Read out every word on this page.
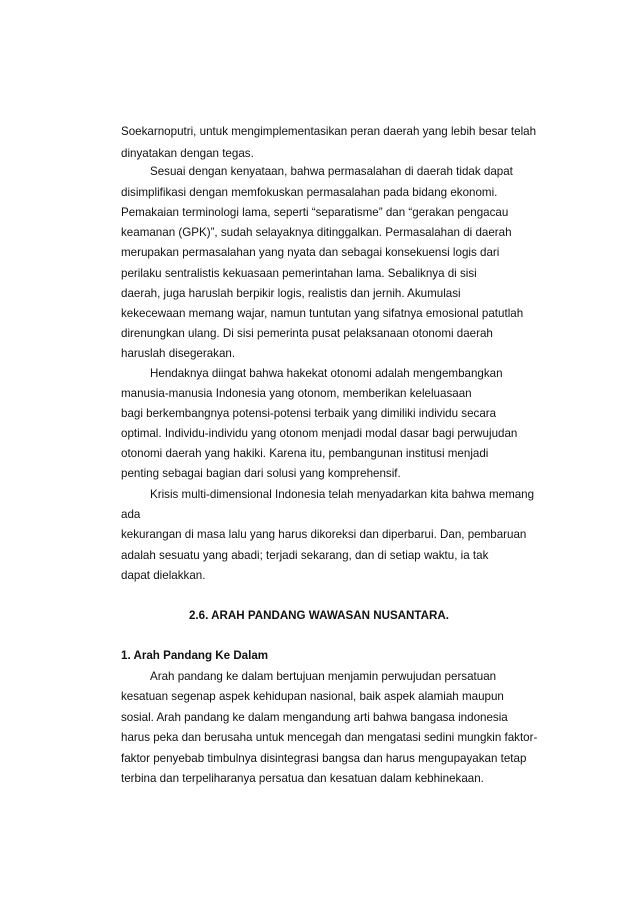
Soekarnoputri, untuk mengimplementasikan peran daerah yang lebih besar telah
dinyatakan dengan tegas.
Sesuai dengan kenyataan, bahwa permasalahan di daerah tidak dapat
disimplifikasi dengan memfokuskan permasalahan pada bidang ekonomi.
Pemakaian terminologi lama, seperti “separatisme” dan “gerakan pengacau
keamanan (GPK)”, sudah selayaknya ditinggalkan. Permasalahan di daerah
merupakan permasalahan yang nyata dan sebagai konsekuensi logis dari
perilaku sentralistis kekuasaan pemerintahan lama. Sebaliknya di sisi
daerah, juga haruslah berpikir logis, realistis dan jernih. Akumulasi
kekecewaan memang wajar, namun tuntutan yang sifatnya emosional patutlah
direnungkan ulang. Di sisi pemerinta pusat pelaksanaan otonomi daerah
haruslah disegerakan.
Hendaknya diingat bahwa hakekat otonomi adalah mengembangkan
manusia-manusia Indonesia yang otonom, memberikan keleluasaan
bagi berkembangnya potensi-potensi terbaik yang dimiliki individu secara
optimal. Individu-individu yang otonom menjadi modal dasar bagi perwujudan
otonomi daerah yang hakiki. Karena itu, pembangunan institusi menjadi
penting sebagai bagian dari solusi yang komprehensif.
Krisis multi-dimensional Indonesia telah menyadarkan kita bahwa memang
ada
kekurangan di masa lalu yang harus dikoreksi dan diperbarui. Dan, pembaruan
adalah sesuatu yang abadi; terjadi sekarang, dan di setiap waktu, ia tak
dapat dielakkan.
2.6. ARAH PANDANG WAWASAN NUSANTARA.
1. Arah Pandang Ke Dalam
Arah pandang ke dalam bertujuan menjamin perwujudan persatuan
kesatuan segenap aspek kehidupan nasional, baik aspek alamiah maupun
sosial. Arah pandang ke dalam mengandung arti bahwa bangasa indonesia
harus peka dan berusaha untuk mencegah dan mengatasi sedini mungkin faktor-
faktor penyebab timbulnya disintegrasi bangsa dan harus mengupayakan tetap
terbina dan terpeliharanya persatua dan kesatuan dalam kebhinekaan.
